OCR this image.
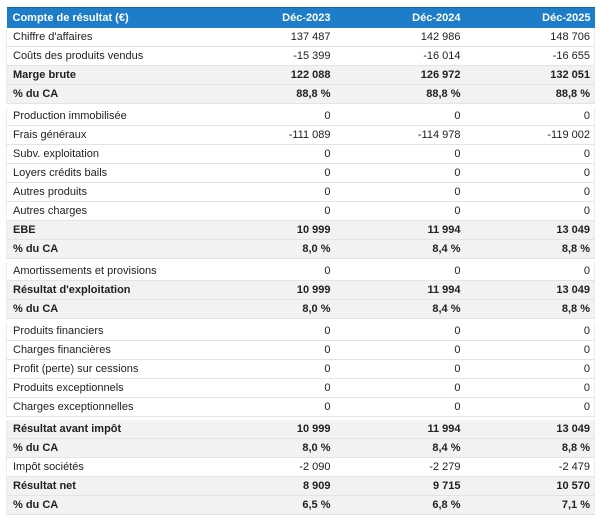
Compte de résultat (€)	Déc-2023	Déc-2024	Déc-2025
Chiffre d'affaires	137 487	142 986	148 706
Coûts des produits vendus	-15 399	-16 014	-16 655
Marge brute	122 088	126 972	132 051
% du CA	88,8 %	88,8 %	88,8 %

Production immobilisée	0	0	0
Frais généraux	-111 089	-114 978	-119 002
Subv. exploitation	0	0	0
Loyers crédits bails	0	0	0
Autres produits	0	0	0
Autres charges	0	0	0
EBE	10 999	11 994	13 049
% du CA	8,0 %	8,4 %	8,8 %

Amortissements et provisions	0	0	0
Résultat d'exploitation	10 999	11 994	13 049
% du CA	8,0 %	8,4 %	8,8 %

Produits financiers	0	0	0
Charges financières	0	0	0
Profit (perte) sur cessions	0	0	0
Produits exceptionnels	0	0	0
Charges exceptionnelles	0	0	0

Résultat avant impôt	10 999	11 994	13 049
% du CA	8,0 %	8,4 %	8,8 %
Impôt sociétés	-2 090	-2 279	-2 479
Résultat net	8 909	9 715	10 570
% du CA	6,5 %	6,8 %	7,1 %
